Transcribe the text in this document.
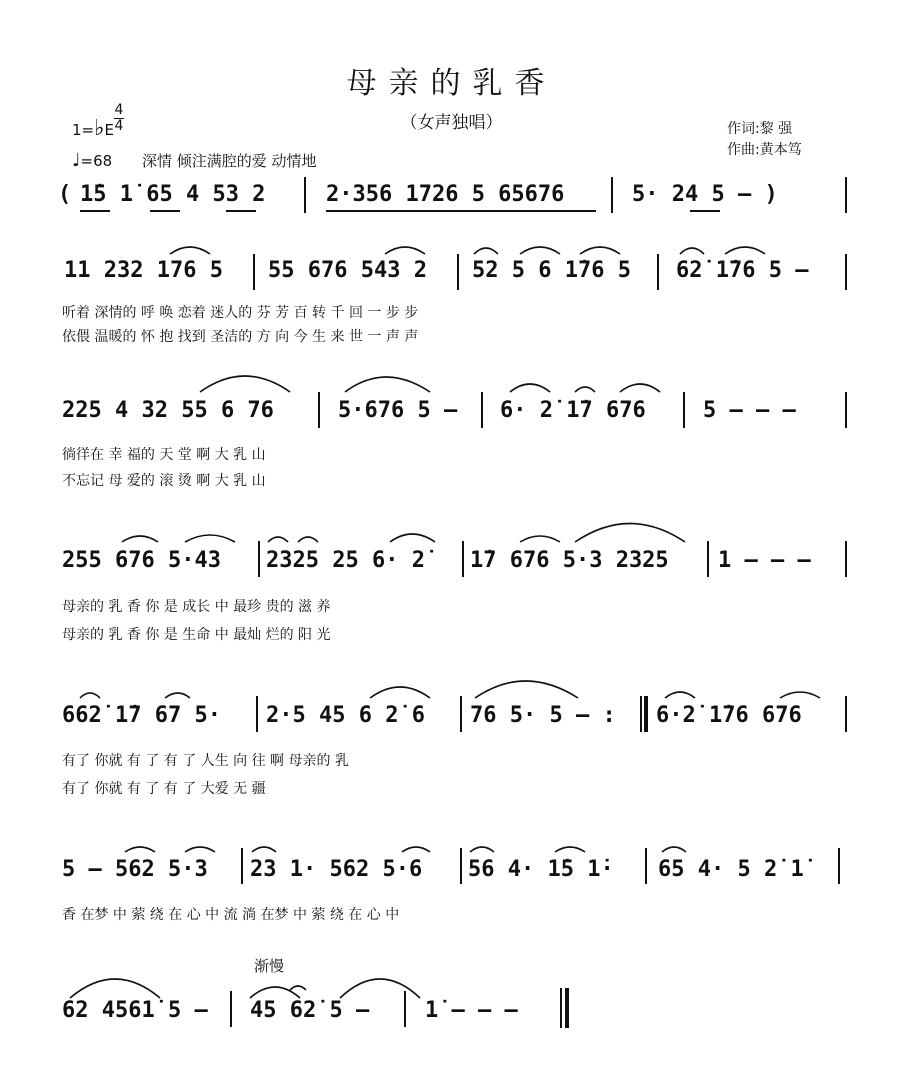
母亲的乳香
（女声独唱）	作词:黎 强
作曲:黄本笃
1=♭E
4
4
♩=68 深情 倾注满腔的爱 动情地
( 1̇5 1̇ 65 4 53 2	2·356 1726 5 65676	5· 24 5 – )
11 232 176 5 55 676 543 2 52 5 6 1̇76 5 62̇ 1̇76 5 –
听着 深情的 呼 唤 恋着 迷人的 芬 芳 百 转 千 回 一 步 步
依偎 温暖的 怀 抱 找到 圣洁的 方 向 今 生 来 世 一 声 声
225 4 32 55 6 76	5·676 5 – 6· 2̇ 1̇7 676	5 – – –
徜徉在 幸 福的 天 堂 啊 大 乳 山
不忘记 母 爱的 滚 烫 啊 大 乳 山
255 676 5·43 2325 25 6· 2̇ 1̇7 676 5·3 2325 1 – – –
母亲的 乳 香 你 是 成长 中 最珍 贵的 滋 养
母亲的 乳 香 你 是 生命 中 最灿 烂的 阳 光
662̇ 1̇7 67 5· 2·5 45 6 2̇ 6 76 5· 5 – : 6·2̇ 1̇76 676
有了 你就 有 了 有 了 人生 向 往 啊 母亲的 乳
有了 你就 有 了 有 了 大爱 无 疆
5 – 562 5·3 23 1· 562 5·6 56 4· 1̇5 1̇· 65 4· 5 2̇ 1̇
香 在梦 中 萦 绕 在 心 中 流 淌 在梦 中 萦 绕 在 心 中
渐慢
62 4561̇ 5 – 45 62̇ 5 –	1̇ – – –
